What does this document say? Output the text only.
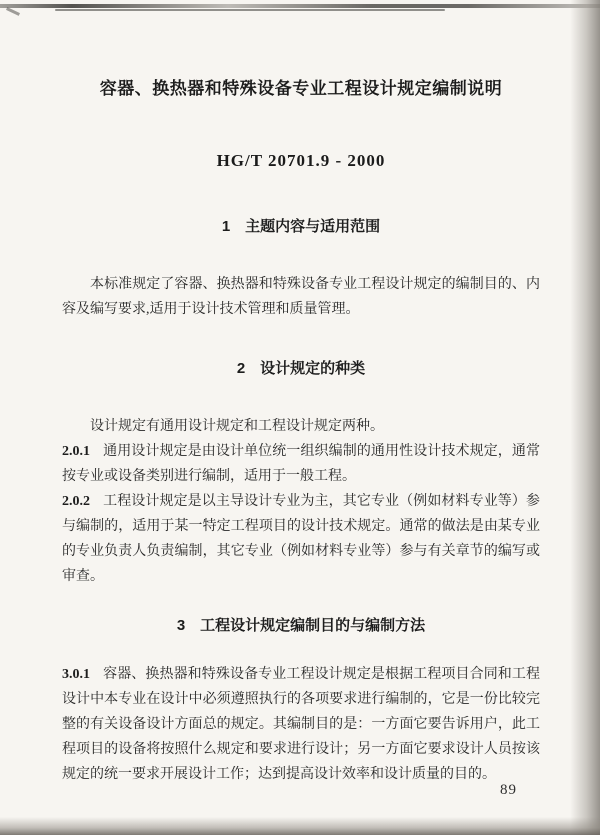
容器、换热器和特殊设备专业工程设计规定编制说明
HG/T 20701.9 - 2000
1　主题内容与适用范围

本标准规定了容器、换热器和特殊设备专业工程设计规定的编制目的、内容及编写要求,适用于设计技术管理和质量管理。

2　设计规定的种类

设计规定有通用设计规定和工程设计规定两种。

2.0.1 通用设计规定是由设计单位统一组织编制的通用性设计技术规定，通常按专业或设备类别进行编制，适用于一般工程。

2.0.2 工程设计规定是以主导设计专业为主，其它专业（例如材料专业等）参与编制的，适用于某一特定工程项目的设计技术规定。通常的做法是由某专业的专业负责人负责编制，其它专业（例如材料专业等）参与有关章节的编写或审查。

3　工程设计规定编制目的与编制方法

3.0.1 容器、换热器和特殊设备专业工程设计规定是根据工程项目合同和工程设计中本专业在设计中必须遵照执行的各项要求进行编制的，它是一份比较完整的有关设备设计方面总的规定。其编制目的是：一方面它要告诉用户，此工程项目的设备将按照什么规定和要求进行设计；另一方面它要求设计人员按该规定的统一要求开展设计工作；达到提高设计效率和设计质量的目的。

89
